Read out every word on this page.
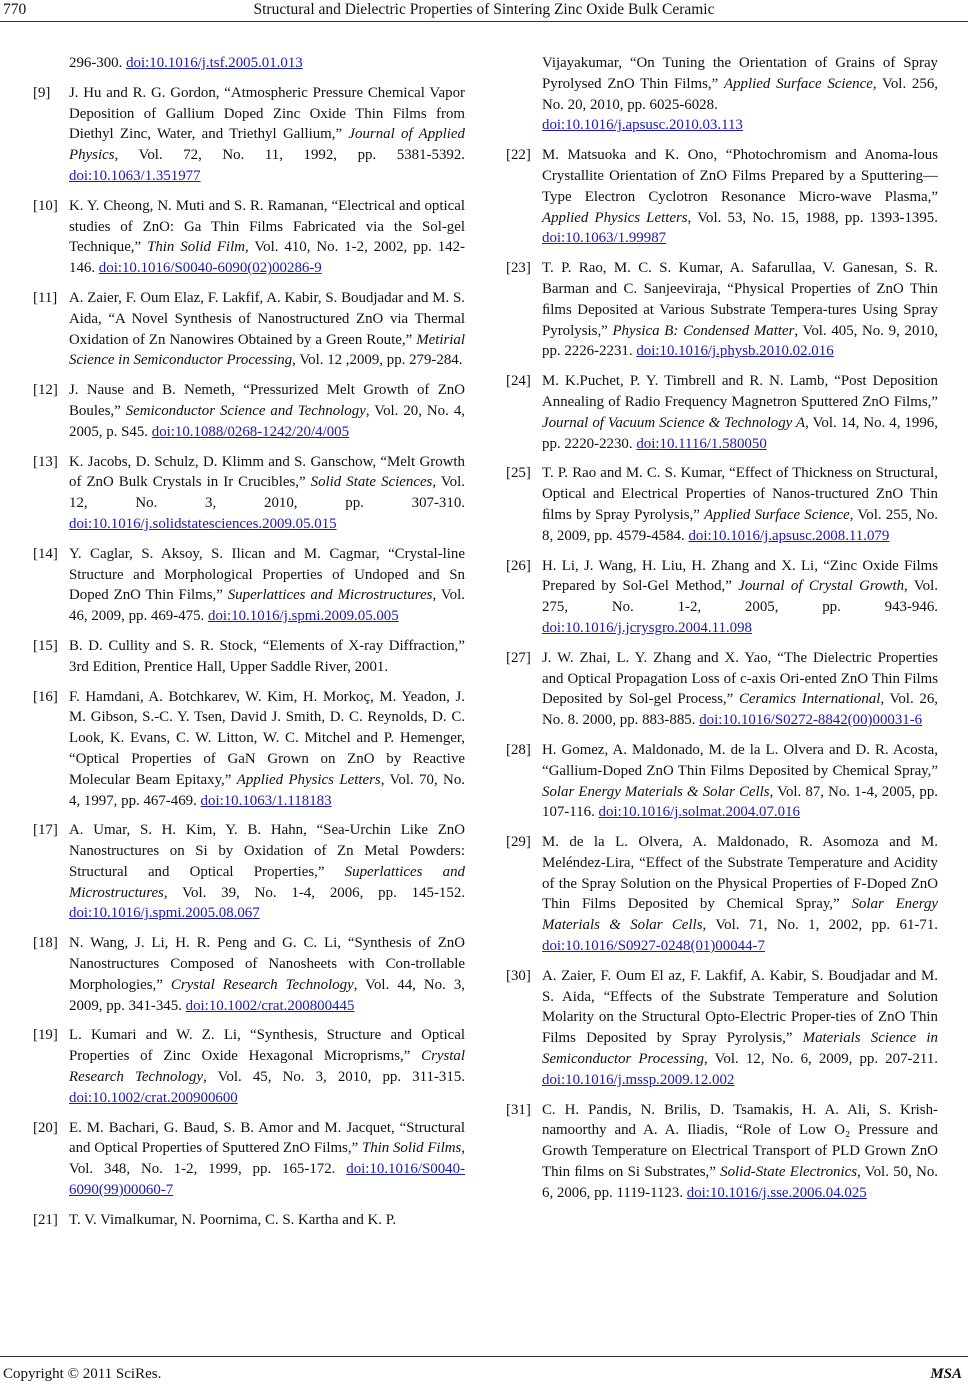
770	Structural and Dielectric Properties of Sintering Zinc Oxide Bulk Ceramic
296-300. doi:10.1016/j.tsf.2005.01.013
[9] J. Hu and R. G. Gordon, “Atmospheric Pressure Chemical Vapor Deposition of Gallium Doped Zinc Oxide Thin Films from Diethyl Zinc, Water, and Triethyl Gallium,” Journal of Applied Physics, Vol. 72, No. 11, 1992, pp. 5381-5392. doi:10.1063/1.351977
[10] K. Y. Cheong, N. Muti and S. R. Ramanan, “Electrical and optical studies of ZnO: Ga Thin Films Fabricated via the Sol-gel Technique,” Thin Solid Film, Vol. 410, No. 1-2, 2002, pp. 142-146. doi:10.1016/S0040-6090(02)00286-9
[11] A. Zaier, F. Oum Elaz, F. Lakfif, A. Kabir, S. Boudjadar and M. S. Aida, “A Novel Synthesis of Nanostructured ZnO via Thermal Oxidation of Zn Nanowires Obtained by a Green Route,” Metirial Science in Semiconductor Processing, Vol. 12 ,2009, pp. 279-284.
[12] J. Nause and B. Nemeth, “Pressurized Melt Growth of ZnO Boules,” Semiconductor Science and Technology, Vol. 20, No. 4, 2005, p. S45. doi:10.1088/0268-1242/20/4/005
[13] K. Jacobs, D. Schulz, D. Klimm and S. Ganschow, “Melt Growth of ZnO Bulk Crystals in Ir Crucibles,” Solid State Sciences, Vol. 12, No. 3, 2010, pp. 307-310. doi:10.1016/j.solidstatesciences.2009.05.015
[14] Y. Caglar, S. Aksoy, S. Ilican and M. Cagmar, “Crystal-line Structure and Morphological Properties of Undoped and Sn Doped ZnO Thin Films,” Superlattices and Microstructures, Vol. 46, 2009, pp. 469-475. doi:10.1016/j.spmi.2009.05.005
[15] B. D. Cullity and S. R. Stock, “Elements of X-ray Diffraction,” 3rd Edition, Prentice Hall, Upper Saddle River, 2001.
[16] F. Hamdani, A. Botchkarev, W. Kim, H. Morkoç, M. Yeadon, J. M. Gibson, S.-C. Y. Tsen, David J. Smith, D. C. Reynolds, D. C. Look, K. Evans, C. W. Litton, W. C. Mitchel and P. Hemenger, “Optical Properties of GaN Grown on ZnO by Reactive Molecular Beam Epitaxy,” Applied Physics Letters, Vol. 70, No. 4, 1997, pp. 467-469. doi:10.1063/1.118183
[17] A. Umar, S. H. Kim, Y. B. Hahn, “Sea-Urchin Like ZnO Nanostructures on Si by Oxidation of Zn Metal Powders: Structural and Optical Properties,” Superlattices and Microstructures, Vol. 39, No. 1-4, 2006, pp. 145-152. doi:10.1016/j.spmi.2005.08.067
[18] N. Wang, J. Li, H. R. Peng and G. C. Li, “Synthesis of ZnO Nanostructures Composed of Nanosheets with Con-trollable Morphologies,” Crystal Research Technology, Vol. 44, No. 3, 2009, pp. 341-345. doi:10.1002/crat.200800445
[19] L. Kumari and W. Z. Li, “Synthesis, Structure and Optical Properties of Zinc Oxide Hexagonal Microprisms,” Crystal Research Technology, Vol. 45, No. 3, 2010, pp. 311-315. doi:10.1002/crat.200900600
[20] E. M. Bachari, G. Baud, S. B. Amor and M. Jacquet, “Structural and Optical Properties of Sputtered ZnO Films,” Thin Solid Films, Vol. 348, No. 1-2, 1999, pp. 165-172. doi:10.1016/S0040-6090(99)00060-7
[21] T. V. Vimalkumar, N. Poornima, C. S. Kartha and K. P.
Vijayakumar, “On Tuning the Orientation of Grains of Spray Pyrolysed ZnO Thin Films,” Applied Surface Science, Vol. 256, No. 20, 2010, pp. 6025-6028.
doi:10.1016/j.apsusc.2010.03.113
[22] M. Matsuoka and K. Ono, “Photochromism and Anoma-lous Crystallite Orientation of ZnO Films Prepared by a Sputtering—Type Electron Cyclotron Resonance Micro-wave Plasma,” Applied Physics Letters, Vol. 53, No. 15, 1988, pp. 1393-1395. doi:10.1063/1.99987
[23] T. P. Rao, M. C. S. Kumar, A. Safarullaa, V. Ganesan, S. R. Barman and C. Sanjeeviraja, “Physical Properties of ZnO Thin ﬁlms Deposited at Various Substrate Tempera-tures Using Spray Pyrolysis,” Physica B: Condensed Matter, Vol. 405, No. 9, 2010, pp. 2226-2231. doi:10.1016/j.physb.2010.02.016
[24] M. K.Puchet, P. Y. Timbrell and R. N. Lamb, “Post Deposition Annealing of Radio Frequency Magnetron Sputtered ZnO Films,” Journal of Vacuum Science & Technology A, Vol. 14, No. 4, 1996, pp. 2220-2230. doi:10.1116/1.580050
[25] T. P. Rao and M. C. S. Kumar, “Effect of Thickness on Structural, Optical and Electrical Properties of Nanos-tructured ZnO Thin ﬁlms by Spray Pyrolysis,” Applied Surface Science, Vol. 255, No. 8, 2009, pp. 4579-4584. doi:10.1016/j.apsusc.2008.11.079
[26] H. Li, J. Wang, H. Liu, H. Zhang and X. Li, “Zinc Oxide Films Prepared by Sol-Gel Method,” Journal of Crystal Growth, Vol. 275, No. 1-2, 2005, pp. 943-946. doi:10.1016/j.jcrysgro.2004.11.098
[27] J. W. Zhai, L. Y. Zhang and X. Yao, “The Dielectric Properties and Optical Propagation Loss of c-axis Ori-ented ZnO Thin Films Deposited by Sol-gel Process,” Ceramics International, Vol. 26, No. 8. 2000, pp. 883-885. doi:10.1016/S0272-8842(00)00031-6
[28] H. Gomez, A. Maldonado, M. de la L. Olvera and D. R. Acosta, “Gallium-Doped ZnO Thin Films Deposited by Chemical Spray,” Solar Energy Materials & Solar Cells, Vol. 87, No. 1-4, 2005, pp. 107-116. doi:10.1016/j.solmat.2004.07.016
[29] M. de la L. Olvera, A. Maldonado, R. Asomoza and M. Meléndez-Lira, “Effect of the Substrate Temperature and Acidity of the Spray Solution on the Physical Properties of F-Doped ZnO Thin Films Deposited by Chemical Spray,” Solar Energy Materials & Solar Cells, Vol. 71, No. 1, 2002, pp. 61-71. doi:10.1016/S0927-0248(01)00044-7
[30] A. Zaier, F. Oum El az, F. Lakfif, A. Kabir, S. Boudjadar and M. S. Aida, “Effects of the Substrate Temperature and Solution Molarity on the Structural Opto-Electric Proper-ties of ZnO Thin Films Deposited by Spray Pyrolysis,” Materials Science in Semiconductor Processing, Vol. 12, No. 6, 2009, pp. 207-211. doi:10.1016/j.mssp.2009.12.002
[31] C. H. Pandis, N. Brilis, D. Tsamakis, H. A. Ali, S. Krish-namoorthy and A. A. Iliadis, “Role of Low O₂ Pressure and Growth Temperature on Electrical Transport of PLD Grown ZnO Thin ﬁlms on Si Substrates,” Solid-State Electronics, Vol. 50, No. 6, 2006, pp. 1119-1123. doi:10.1016/j.sse.2006.04.025
Copyright © 2011 SciRes.	MSA
